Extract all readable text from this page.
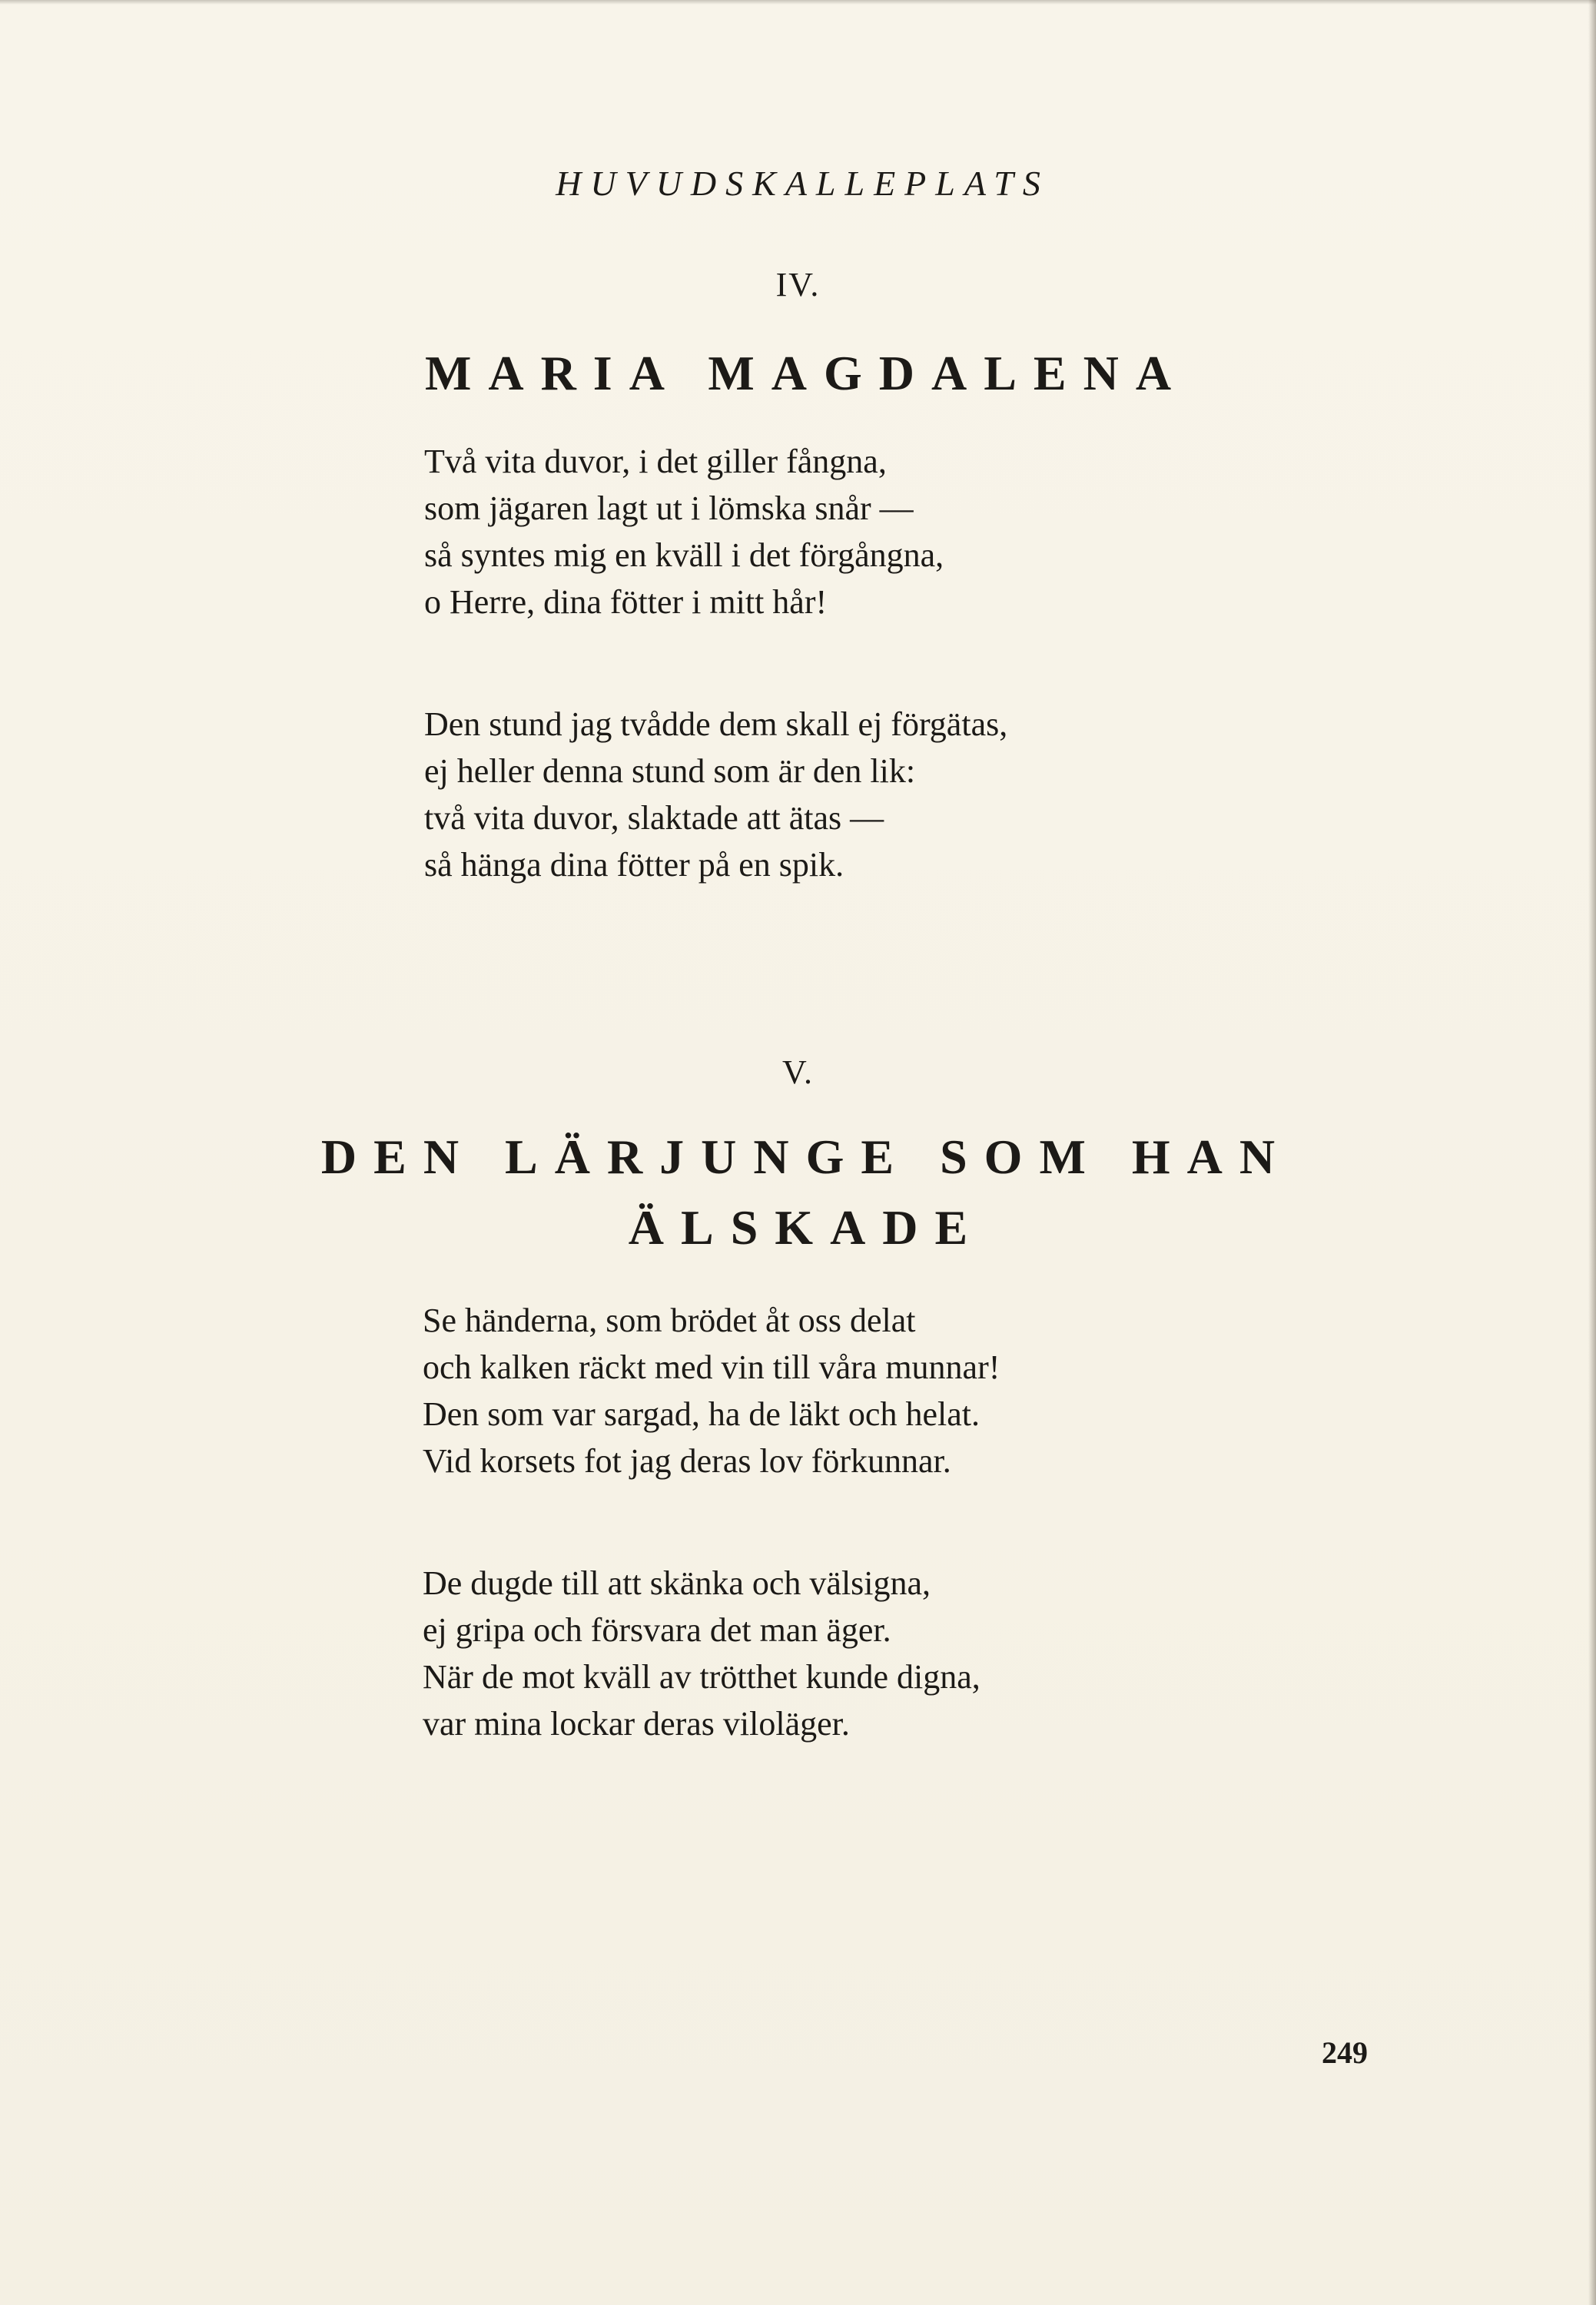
HUVUDSKALLEPLATS
IV.
MARIA MAGDALENA
Två vita duvor, i det giller fångna,
som jägaren lagt ut i lömska snår —
så syntes mig en kväll i det förgångna,
o Herre, dina fötter i mitt hår!
Den stund jag tvådde dem skall ej förgätas,
ej heller denna stund som är den lik:
två vita duvor, slaktade att ätas —
så hänga dina fötter på en spik.
V.
DEN LÄRJUNGE SOM HAN
ÄLSKADE
Se händerna, som brödet åt oss delat
och kalken räckt med vin till våra munnar!
Den som var sargad, ha de läkt och helat.
Vid korsets fot jag deras lov förkunnar.
De dugde till att skänka och välsigna,
ej gripa och försvara det man äger.
När de mot kväll av trötthet kunde digna,
var mina lockar deras viloläger.
249
